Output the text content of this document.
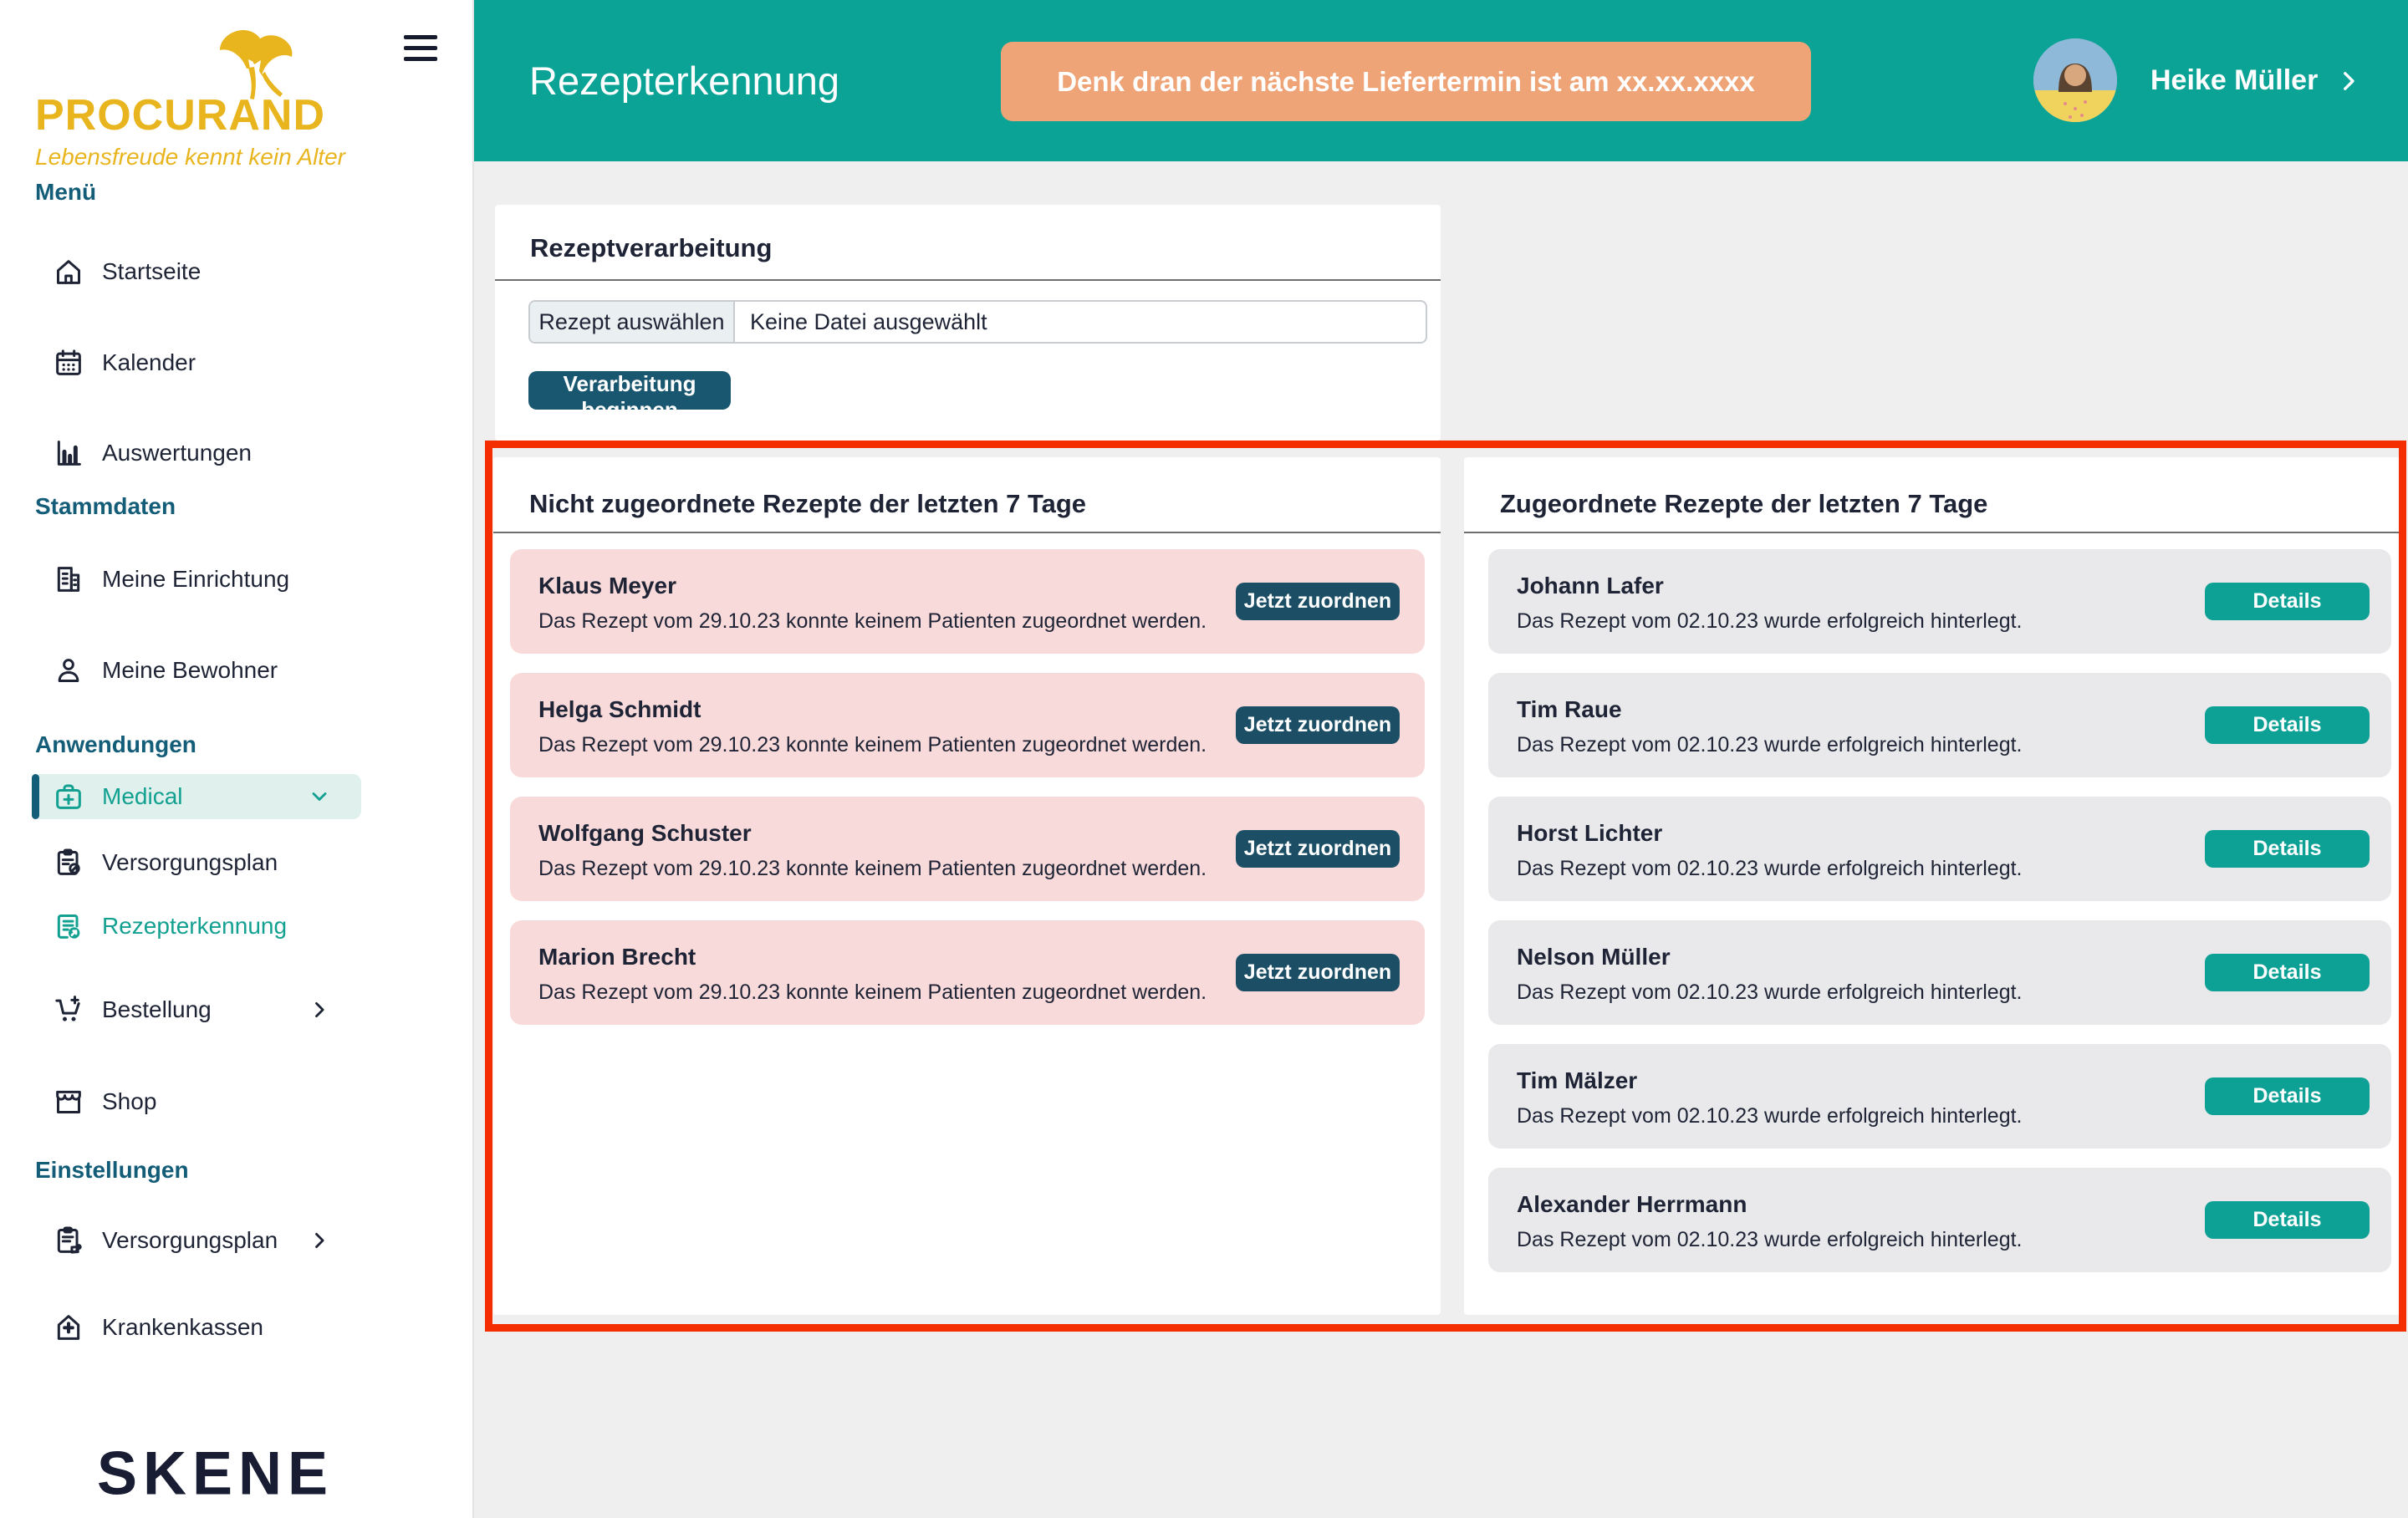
PROCURAND
Lebensfreude kennt kein Alter
Menü
Startseite
Kalender
Auswertungen
Stammdaten
Meine Einrichtung
Meine Bewohner
Anwendungen
Medical
Versorgungsplan
Rezepterkennung
Bestellung
Shop
Einstellungen
Versorgungsplan
Krankenkassen
SKENE
Rezepterkennung	Denk dran der nächste Liefertermin ist am xx.xx.xxxx	Heike Müller
Rezeptverarbeitung
Rezept auswählen	Keine Datei ausgewählt
Verarbeitung beginnen
Nicht zugeordnete Rezepte der letzten 7 Tage
Klaus Meyer
Das Rezept vom 29.10.23 konnte keinem Patienten zugeordnet werden.
Jetzt zuordnen
Helga Schmidt
Das Rezept vom 29.10.23 konnte keinem Patienten zugeordnet werden.
Jetzt zuordnen
Wolfgang Schuster
Das Rezept vom 29.10.23 konnte keinem Patienten zugeordnet werden.
Jetzt zuordnen
Marion Brecht
Das Rezept vom 29.10.23 konnte keinem Patienten zugeordnet werden.
Jetzt zuordnen
Zugeordnete Rezepte der letzten 7 Tage
Johann Lafer
Das Rezept vom 02.10.23 wurde erfolgreich hinterlegt.
Details
Tim Raue
Das Rezept vom 02.10.23 wurde erfolgreich hinterlegt.
Details
Horst Lichter
Das Rezept vom 02.10.23 wurde erfolgreich hinterlegt.
Details
Nelson Müller
Das Rezept vom 02.10.23 wurde erfolgreich hinterlegt.
Details
Tim Mälzer
Das Rezept vom 02.10.23 wurde erfolgreich hinterlegt.
Details
Alexander Herrmann
Das Rezept vom 02.10.23 wurde erfolgreich hinterlegt.
Details
